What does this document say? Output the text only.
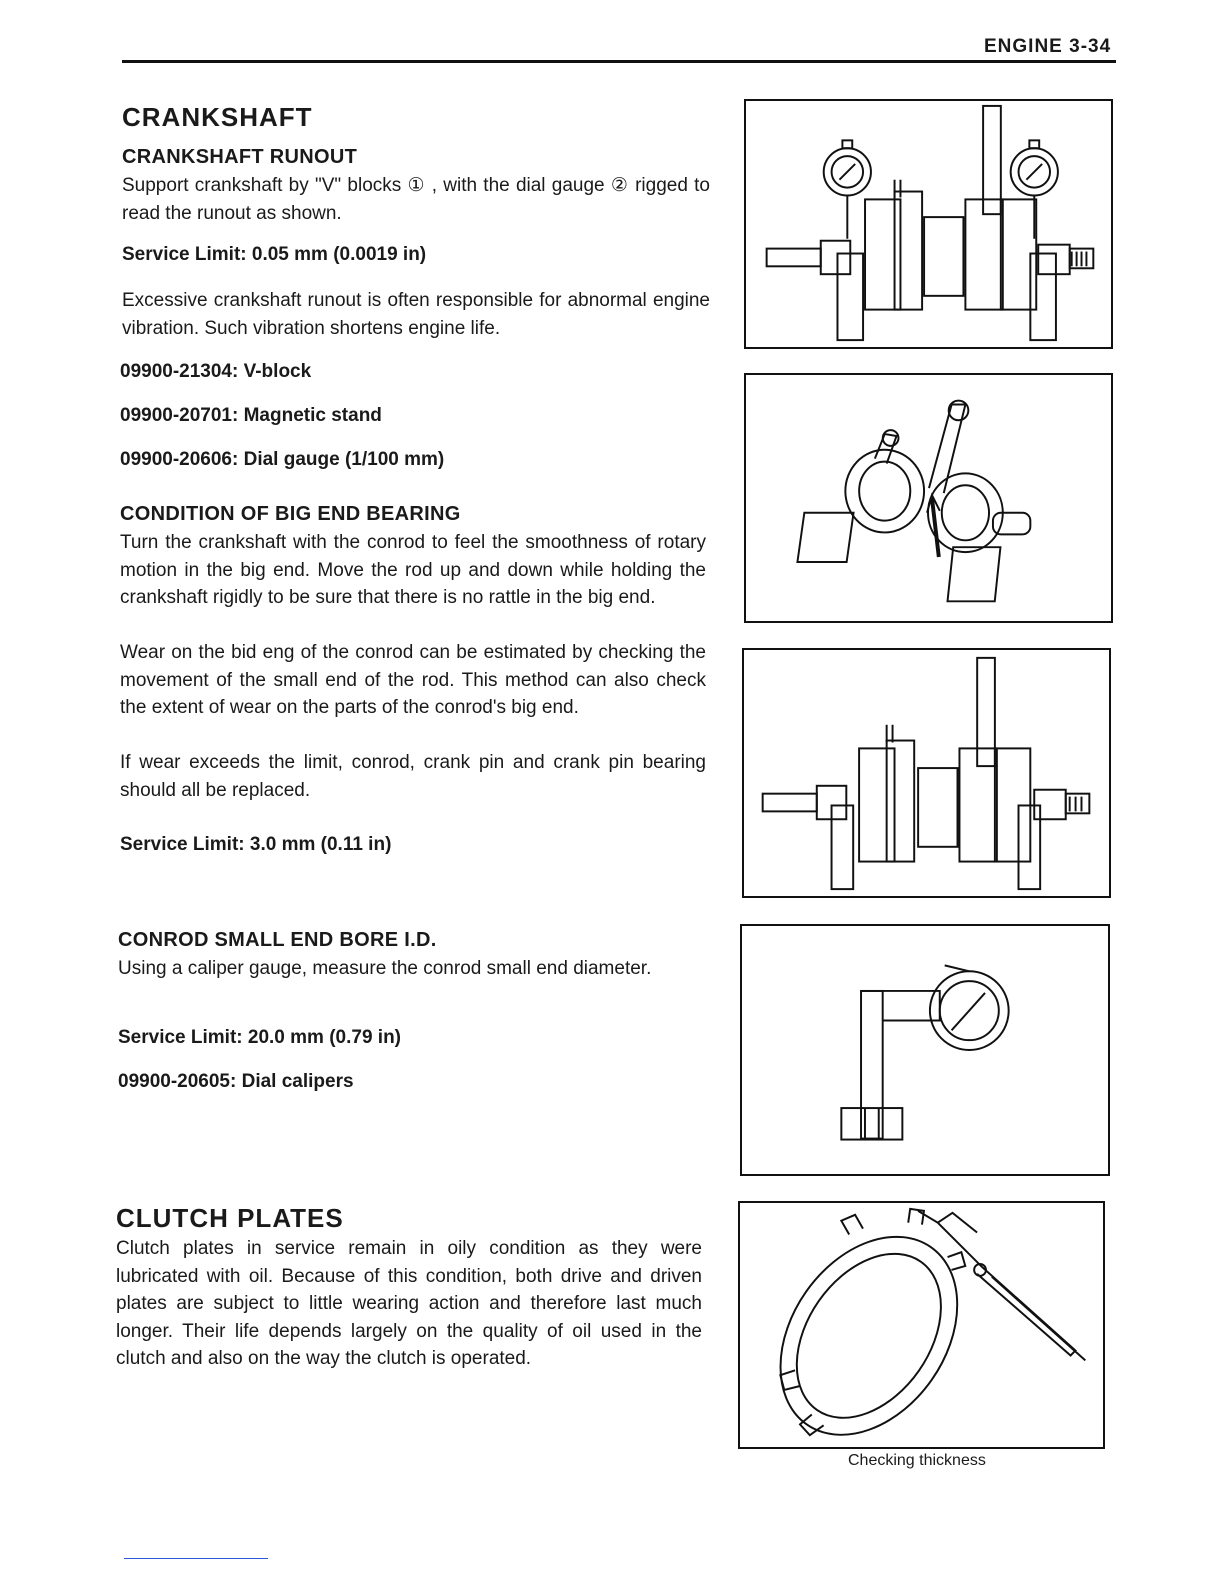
ENGINE 3-34
CRANKSHAFT
CRANKSHAFT RUNOUT
Support crankshaft by "V" blocks ① , with the dial gauge ② rigged to read the runout as shown.
Service Limit: 0.05 mm (0.0019 in)
Excessive crankshaft runout is often responsible for abnormal engine vibration. Such vibration shortens engine life.
09900-21304: V-block
09900-20701: Magnetic stand
09900-20606: Dial gauge (1/100 mm)
CONDITION OF BIG END BEARING
Turn the crankshaft with the conrod to feel the smoothness of rotary motion in the big end. Move the rod up and down while holding the crankshaft rigidly to be sure that there is no rattle in the big end.
Wear on the bid eng of the conrod can be estimated by checking the movement of the small end of the rod. This method can also check the extent of wear on the parts of the conrod's big end.
If wear exceeds the limit, conrod, crank pin and crank pin bearing should all be replaced.
Service Limit: 3.0 mm (0.11 in)
CONROD SMALL END BORE I.D.
Using a caliper gauge, measure the conrod small end diameter.
Service Limit: 20.0 mm (0.79 in)
09900-20605: Dial calipers
CLUTCH PLATES
Clutch plates in service remain in oily condition as they were lubricated with oil. Because of this condition, both drive and driven plates are subject to little wearing action and therefore last much longer. Their life depends largely on the quality of oil used in the clutch and also on the way the clutch is operated.
Checking thickness
